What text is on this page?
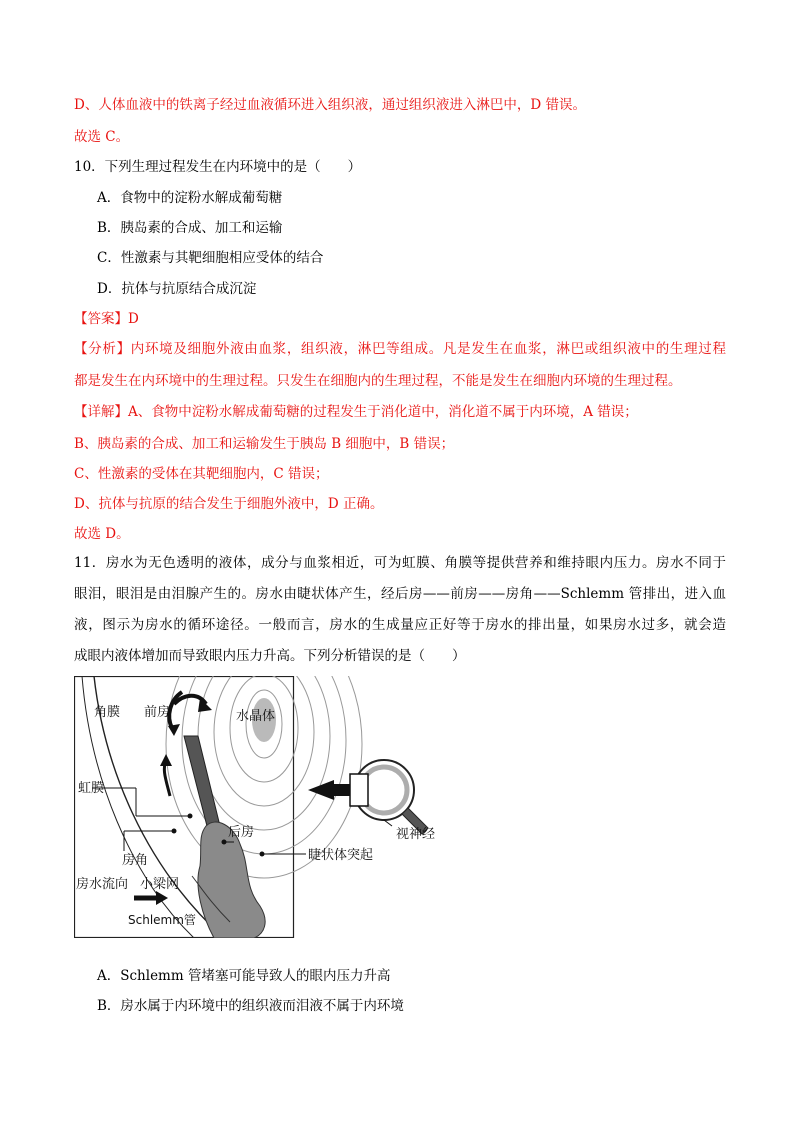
D、人体血液中的铁离子经过血液循环进入组织液，通过组织液进入淋巴中，D 错误。
故选 C。
10．下列生理过程发生在内环境中的是（　　）
A．食物中的淀粉水解成葡萄糖
B．胰岛素的合成、加工和运输
C．性激素与其靶细胞相应受体的结合
D．抗体与抗原结合成沉淀
【答案】D
【分析】内环境及细胞外液由血浆，组织液，淋巴等组成。凡是发生在血浆，淋巴或组织液中的生理过程
都是发生在内环境中的生理过程。只发生在细胞内的生理过程，不能是发生在细胞内环境的生理过程。
【详解】A、食物中淀粉水解成葡萄糖的过程发生于消化道中，消化道不属于内环境，A 错误；
B、胰岛素的合成、加工和运输发生于胰岛 B 细胞中，B 错误；
C、性激素的受体在其靶细胞内，C 错误；
D、抗体与抗原的结合发生于细胞外液中，D 正确。
故选 D。
11．房水为无色透明的液体，成分与血浆相近，可为虹膜、角膜等提供营养和维持眼内压力。房水不同于
眼泪，眼泪是由泪腺产生的。房水由睫状体产生，经后房——前房——房角——Schlemm 管排出，进入血
液，图示为房水的循环途径。一般而言，房水的生成量应正好等于房水的排出量，如果房水过多，就会造
成眼内液体增加而导致眼内压力升高。下列分析错误的是（　　）
角膜 前房	水晶体
虹膜
后房
睫状体突起
房角
小梁网
房水流向
Schlemm管
视神经
A．Schlemm 管堵塞可能导致人的眼内压力升高
B．房水属于内环境中的组织液而泪液不属于内环境
